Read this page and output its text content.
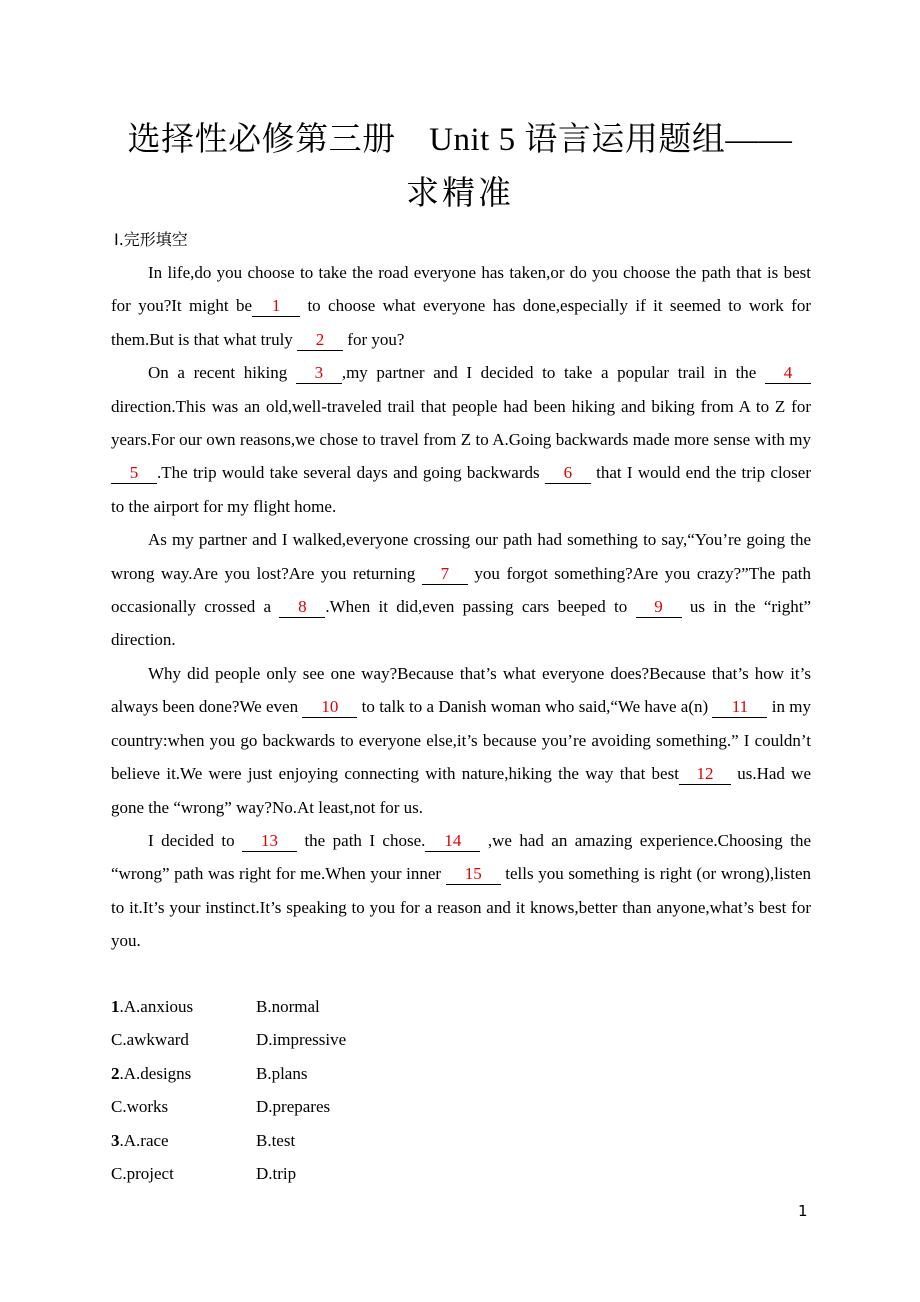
选择性必修第三册　Unit 5 语言运用题组——
求精准
Ⅰ.完形填空

In life,do you choose to take the road everyone has taken,or do you choose the path that is best for you?It might be 1 to choose what everyone has done,especially if it seemed to work for them.But is that what truly 2 for you?

On a recent hiking 3 ,my partner and I decided to take a popular trail in the 4 direction.This was an old,well-traveled trail that people had been hiking and biking from A to Z for years.For our own reasons,we chose to travel from Z to A.Going backwards made more sense with my 5 .The trip would take several days and going backwards 6 that I would end the trip closer to the airport for my flight home.

As my partner and I walked,everyone crossing our path had something to say,“You’re going the wrong way.Are you lost?Are you returning 7 you forgot something?Are you crazy?”The path occasionally crossed a 8 .When it did,even passing cars beeped to 9 us in the “right” direction.

Why did people only see one way?Because that’s what everyone does?Because that’s how it’s always been done?We even 10 to talk to a Danish woman who said,“We have a(n) 11 in my country:when you go backwards to everyone else,it’s because you’re avoiding something.” I couldn’t believe it.We were just enjoying connecting with nature,hiking the way that best 12 us.Had we gone the “wrong” way?No.At least,not for us.

I decided to 13 the path I chose. 14 ,we had an amazing experience.Choosing the “wrong” path was right for me.When your inner 15 tells you something is right (or wrong),listen to it.It’s your instinct.It’s speaking to you for a reason and it knows,better than anyone,what’s best for you.

1.A.anxious	B.normal
C.awkward	D.impressive
2.A.designs	B.plans
C.works	D.prepares
3.A.race	B.test
C.project	D.trip
1
